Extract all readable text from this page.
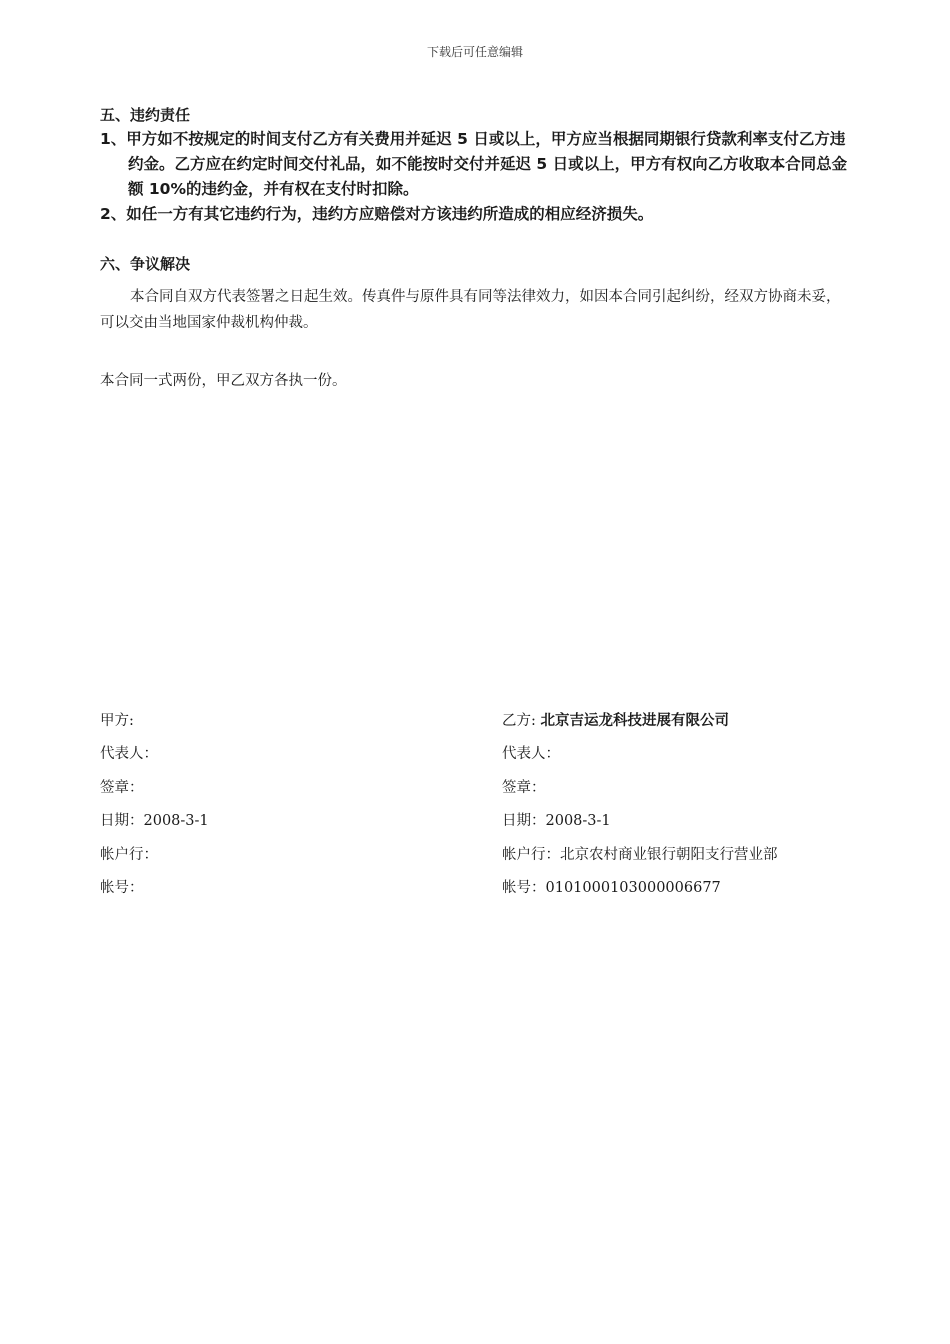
下载后可任意编辑
五、违约责任
1、甲方如不按规定的时间支付乙方有关费用并延迟 5 日或以上，甲方应当根据同期银行贷款利率支付乙方违约金。乙方应在约定时间交付礼品，如不能按时交付并延迟 5 日或以上，甲方有权向乙方收取本合同总金额 10%的违约金，并有权在支付时扣除。
2、如任一方有其它违约行为，违约方应赔偿对方该违约所造成的相应经济损失。
六、争议解决
本合同自双方代表签署之日起生效。传真件与原件具有同等法律效力，如因本合同引起纠纷，经双方协商未妥，可以交由当地国家仲裁机构仲裁。
本合同一式两份，甲乙双方各执一份。
甲方:
代表人：
签章：
日期：2008-3-1
帐户行：
帐号：
乙方: 北京吉运龙科技进展有限公司
代表人：
签章：
日期：2008-3-1
帐户行：北京农村商业银行朝阳支行营业部
帐号：0101000103000006677
